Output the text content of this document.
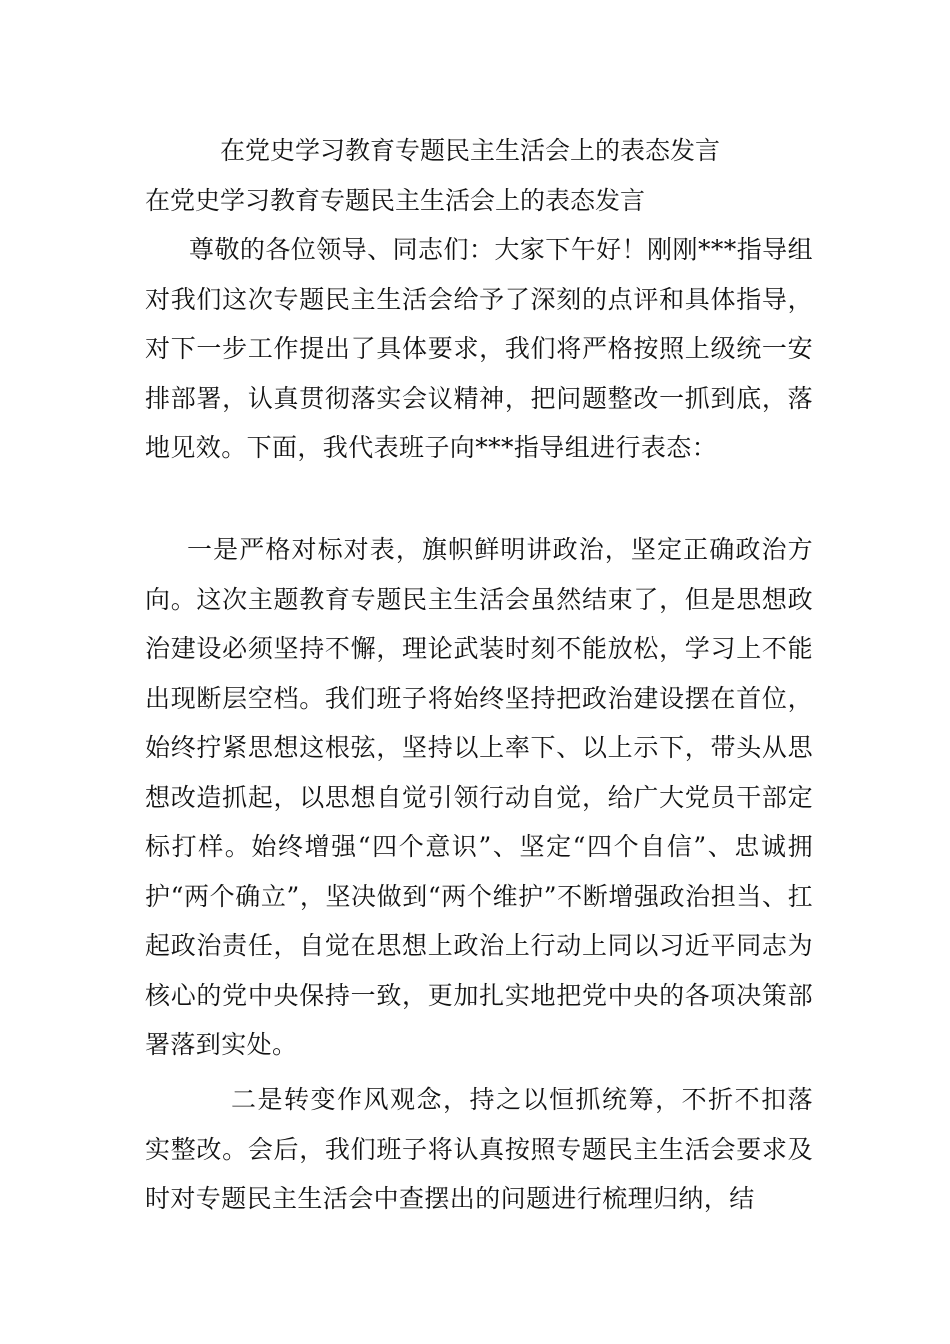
在党史学习教育专题民主生活会上的表态发言
在党史学习教育专题民主生活会上的表态发言

尊敬的各位领导、同志们：大家下午好！刚刚***指导组对我们这次专题民主生活会给予了深刻的点评和具体指导，对下一步工作提出了具体要求，我们将严格按照上级统一安排部署，认真贯彻落实会议精神，把问题整改一抓到底，落地见效。下面，我代表班子向***指导组进行表态：

一是严格对标对表，旗帜鲜明讲政治，坚定正确政治方向。这次主题教育专题民主生活会虽然结束了，但是思想政治建设必须坚持不懈，理论武装时刻不能放松，学习上不能出现断层空档。我们班子将始终坚持把政治建设摆在首位，始终拧紧思想这根弦，坚持以上率下、以上示下，带头从思想改造抓起，以思想自觉引领行动自觉，给广大党员干部定标打样。始终增强“四个意识”、坚定“四个自信”、忠诚拥护“两个确立”，坚决做到“两个维护”不断增强政治担当、扛起政治责任，自觉在思想上政治上行动上同以习近平同志为核心的党中央保持一致，更加扎实地把党中央的各项决策部署落到实处。

二是转变作风观念，持之以恒抓统筹，不折不扣落实整改。会后，我们班子将认真按照专题民主生活会要求及时对专题民主生活会中查摆出的问题进行梳理归纳，结
